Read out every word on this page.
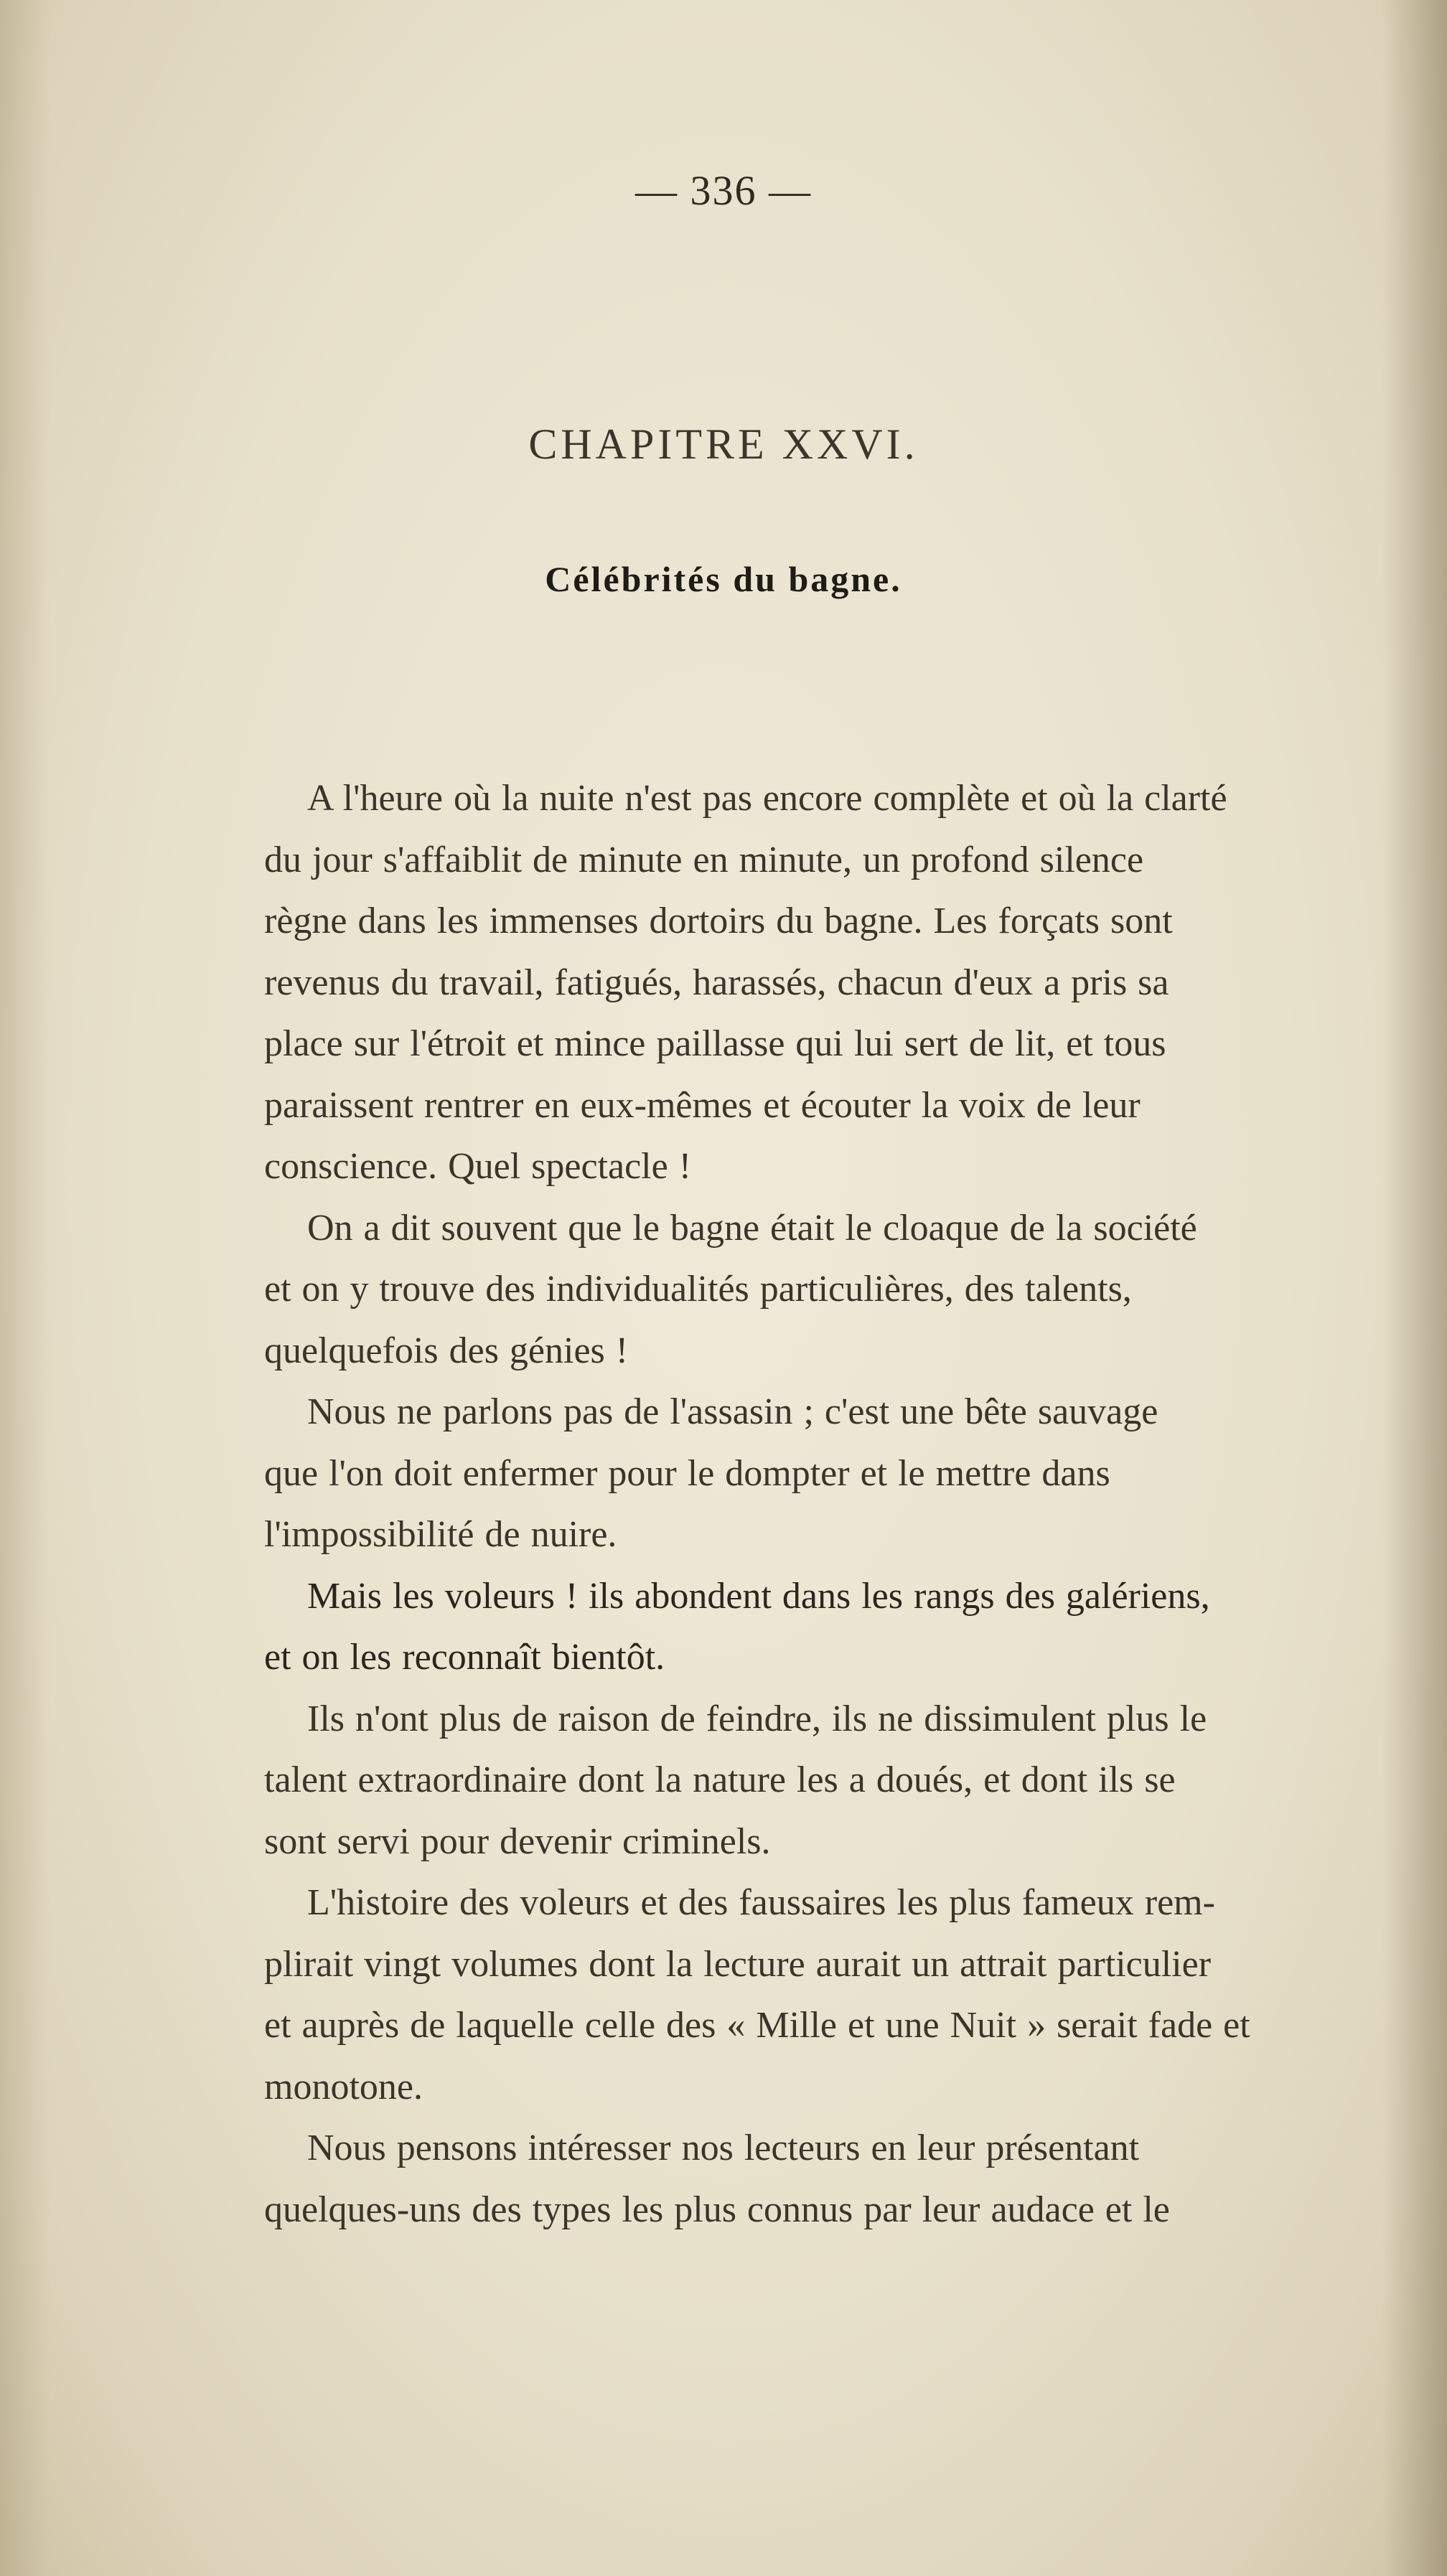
— 336 —
CHAPITRE XXVI.
Célébrités du bagne.

A l'heure où la nuite n'est pas encore complète et où la clarté
du jour s'affaiblit de minute en minute, un profond silence
règne dans les immenses dortoirs du bagne. Les forçats sont
revenus du travail, fatigués, harassés, chacun d'eux a pris sa
place sur l'étroit et mince paillasse qui lui sert de lit, et tous
paraissent rentrer en eux-mêmes et écouter la voix de leur
conscience. Quel spectacle !

On a dit souvent que le bagne était le cloaque de la société
et on y trouve des individualités particulières, des talents,
quelquefois des génies !

Nous ne parlons pas de l'assasin ; c'est une bête sauvage
que l'on doit enfermer pour le dompter et le mettre dans
l'impossibilité de nuire.

Mais les voleurs ! ils abondent dans les rangs des galériens,
et on les reconnaît bientôt.

Ils n'ont plus de raison de feindre, ils ne dissimulent plus le
talent extraordinaire dont la nature les a doués, et dont ils se
sont servi pour devenir criminels.

L'histoire des voleurs et des faussaires les plus fameux rem-
plirait vingt volumes dont la lecture aurait un attrait particulier
et auprès de laquelle celle des « Mille et une Nuit » serait fade et
monotone.

Nous pensons intéresser nos lecteurs en leur présentant
quelques-uns des types les plus connus par leur audace et le
